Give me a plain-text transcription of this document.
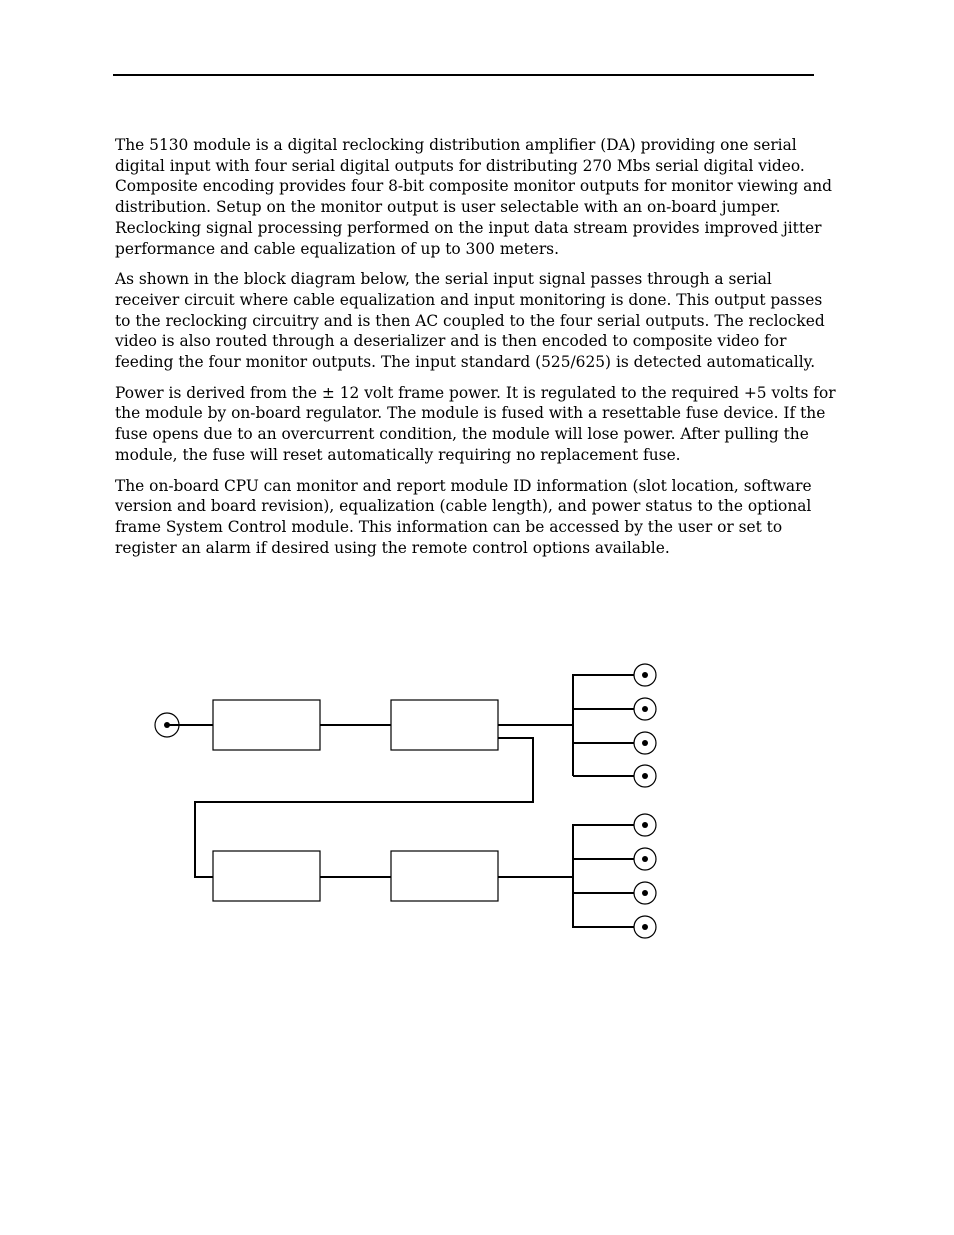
The 5130 module is a digital reclocking distribution amplifier (DA) providing one serial digital input with four serial digital outputs for distributing 270 Mbs serial digital video. Composite encoding provides four 8-bit composite monitor outputs for monitor viewing and distribution. Setup on the monitor output is user selectable with an on-board jumper. Reclocking signal processing performed on the input data stream provides improved jitter performance and cable equalization of up to 300 meters.

As shown in the block diagram below, the serial input signal passes through a serial receiver circuit where cable equalization and input monitoring is done. This output passes to the reclocking circuitry and is then AC coupled to the four serial outputs. The reclocked video is also routed through a deserializer and is then encoded to composite video for feeding the four monitor outputs. The input standard (525/625) is detected automatically.

Power is derived from the ± 12 volt frame power. It is regulated to the required +5 volts for the module by on-board regulator. The module is fused with a resettable fuse device. If the fuse opens due to an overcurrent condition, the module will lose power. After pulling the module, the fuse will reset automatically requiring no replacement fuse.

The on-board CPU can monitor and report module ID information (slot location, software version and board revision), equalization (cable length), and power status to the optional frame System Control module. This information can be accessed by the user or set to register an alarm if desired using the remote control options available.
